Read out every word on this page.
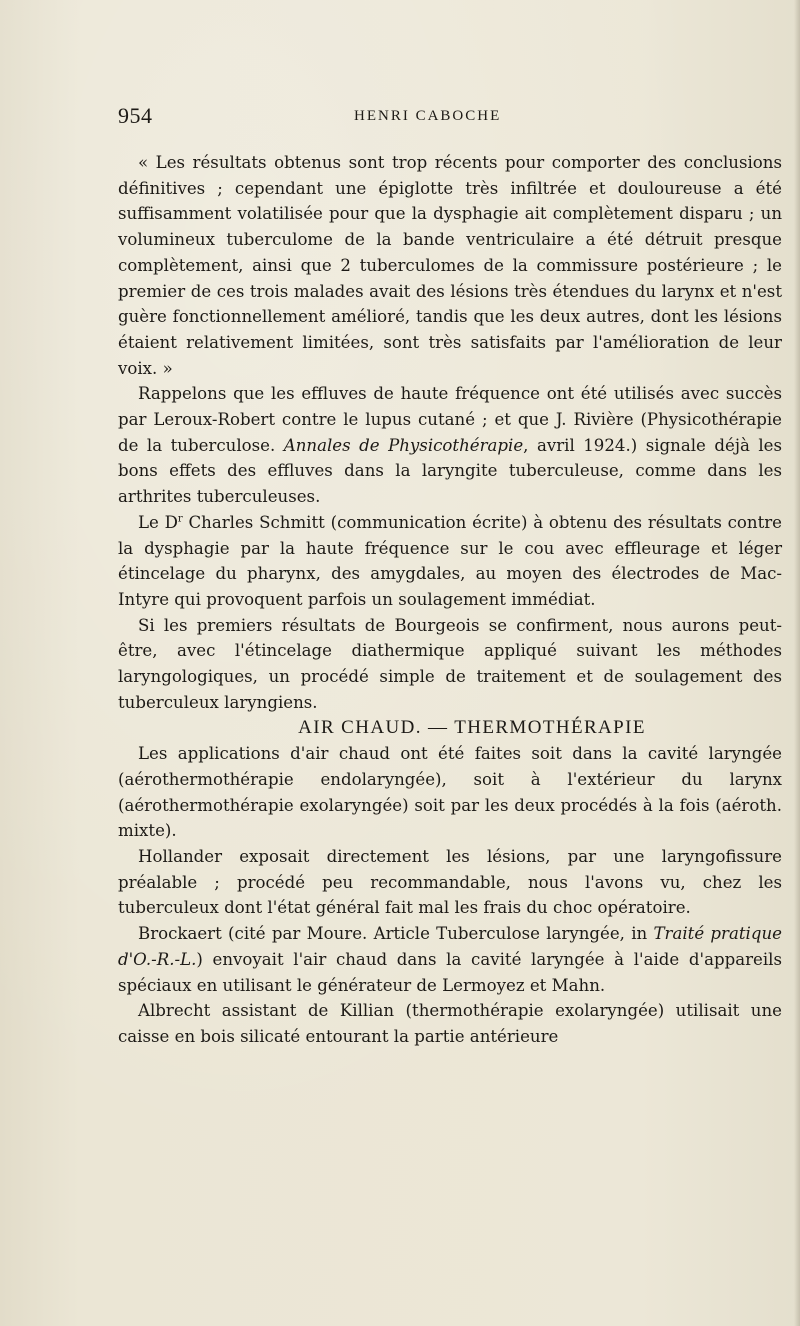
954	HENRI CABOCHE

« Les résultats obtenus sont trop récents pour comporter des conclusions définitives ; cependant une épiglotte très infiltrée et douloureuse a été suffisamment volatilisée pour que la dysphagie ait complètement disparu ; un volumineux tuberculome de la bande ventriculaire a été détruit presque complètement, ainsi que 2 tuberculomes de la commissure postérieure ; le premier de ces trois malades avait des lésions très étendues du larynx et n'est guère fonctionnellement amélioré, tandis que les deux autres, dont les lésions étaient relativement limitées, sont très satisfaits par l'amélioration de leur voix. »

Rappelons que les effluves de haute fréquence ont été utilisés avec succès par Leroux-Robert contre le lupus cutané ; et que J. Rivière (Physicothérapie de la tuberculose. Annales de Physicothérapie, avril 1924.) signale déjà les bons effets des effluves dans la laryngite tuberculeuse, comme dans les arthrites tuberculeuses.

Le $D^r$ Charles Schmitt (communication écrite) à obtenu des résultats contre la dysphagie par la haute fréquence sur le cou avec effleurage et léger étincelage du pharynx, des amygdales, au moyen des électrodes de Mac-Intyre qui provoquent parfois un soulagement immédiat.

Si les premiers résultats de Bourgeois se confirment, nous aurons peut-être, avec l'étincelage diathermique appliqué suivant les méthodes laryngologiques, un procédé simple de traitement et de soulagement des tuberculeux laryngiens.

AIR CHAUD. — THERMOTHÉRAPIE

Les applications d'air chaud ont été faites soit dans la cavité laryngée (aérothermothérapie endolaryngée), soit à l'extérieur du larynx (aérothermothérapie exolaryngée) soit par les deux procédés à la fois (aéroth. mixte).

Hollander exposait directement les lésions, par une laryngofissure préalable ; procédé peu recommandable, nous l'avons vu, chez les tuberculeux dont l'état général fait mal les frais du choc opératoire.

Brockaert (cité par Moure. Article Tuberculose laryngée, in Traité pratique d'O.-R.-L.) envoyait l'air chaud dans la cavité laryngée à l'aide d'appareils spéciaux en utilisant le générateur de Lermoyez et Mahn.

Albrecht assistant de Killian (thermothérapie exolaryngée) utilisait une caisse en bois silicaté entourant la partie antérieure
